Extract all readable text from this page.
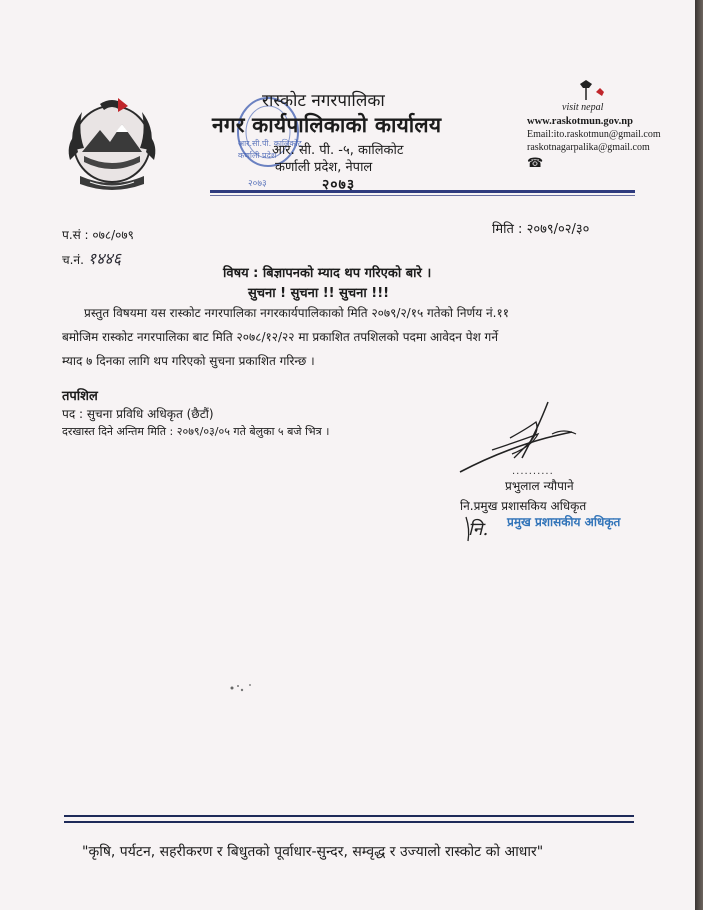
आर.सी.पी. कालिकोट
कर्णाली प्रदेश
२०७३
रास्कोट नगरपालिका
नगर कार्यपालिकाको कार्यालय
आर. सी. पी. -५, कालिकोट
कर्णाली प्रदेश, नेपाल
२०७३
visit nepal
www.raskotmun.gov.np
Email:ito.raskotmun@gmail.com
raskotnagarpalika@gmail.com
☎
प.सं : ०७८/०७९
च.नं. १४४६
मिति : २०७९/०२/३०
विषय : बिज्ञापनको म्याद थप गरिएको बारे ।
सुचना ! सुचना !! सुचना !!!
प्रस्तुत विषयमा यस रास्कोट नगरपालिका नगरकार्यपालिकाको मिति २०७९/२/१५ गतेको निर्णय नं.११
बमोजिम रास्कोट नगरपालिका बाट मिति २०७८/१२/२२ मा प्रकाशित तपशिलको पदमा आवेदन पेश गर्ने
म्याद ७ दिनका लागि थप गरिएको सुचना प्रकाशित गरिन्छ ।
तपशिल
पद : सुचना प्रविधि अधिकृत (छैटौं)
दरखास्त दिने अन्तिम मिति : २०७९/०३/०५ गते बेलुका ५ बजे भित्र ।
..........
प्रभुलाल न्यौपाने
नि.प्रमुख प्रशासकिय अधिकृत
नि. प्रमुख प्रशासकीय अधिकृत
"कृषि, पर्यटन, सहरीकरण र बिधुतको पूर्वाधार-सुन्दर, सम्वृद्ध र उज्यालो रास्कोट को आधार"
